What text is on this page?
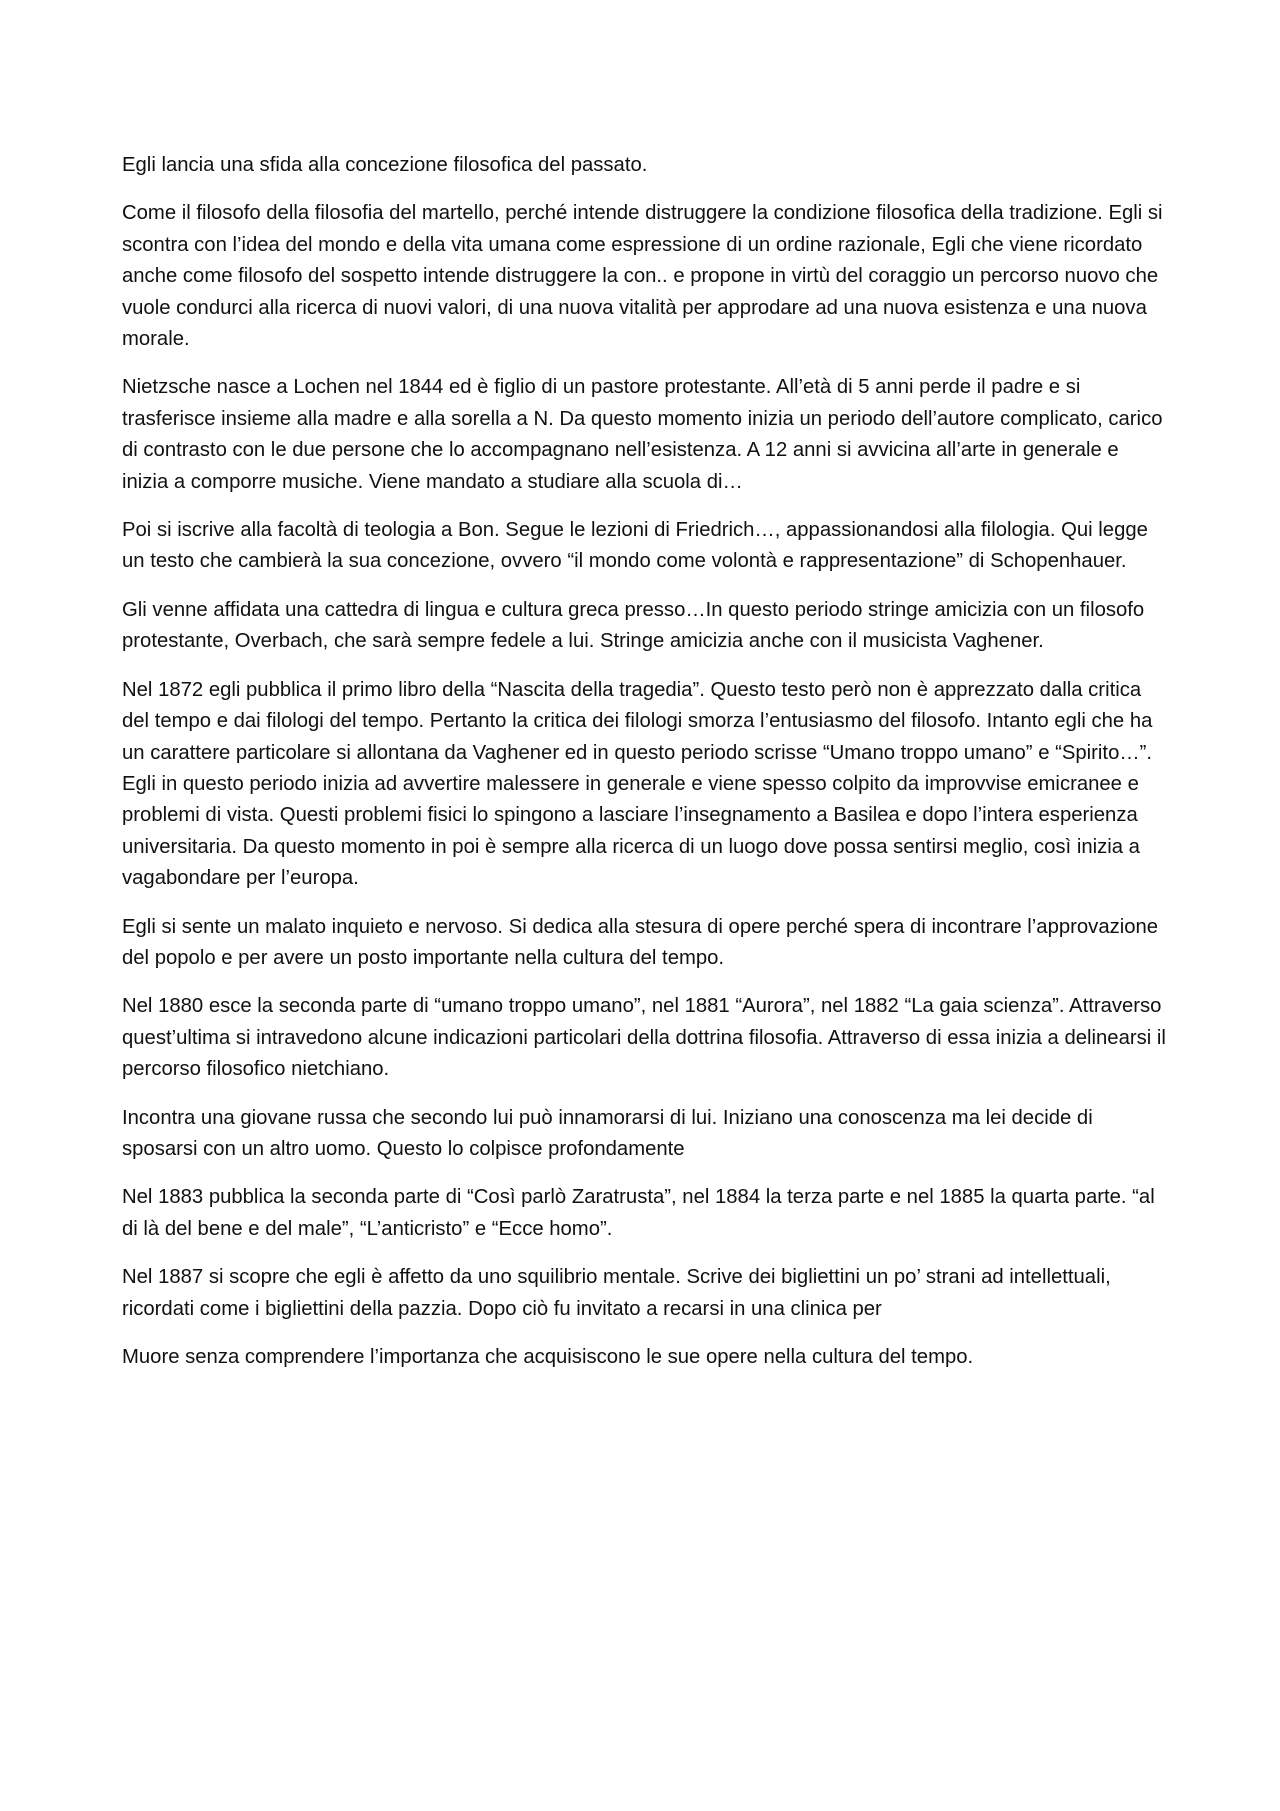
Egli lancia una sfida alla concezione filosofica del passato.

Come il filosofo della filosofia del martello, perché intende distruggere la condizione filosofica della tradizione. Egli si scontra con l’idea del mondo e della vita umana come espressione di un ordine razionale, Egli che viene ricordato anche come filosofo del sospetto intende distruggere la con.. e propone in virtù del coraggio un percorso nuovo che vuole condurci alla ricerca di nuovi valori, di una nuova vitalità per approdare ad una nuova esistenza e una nuova morale.

Nietzsche nasce a Lochen nel 1844 ed è figlio di un pastore protestante. All’età di 5 anni perde il padre e si trasferisce insieme alla madre e alla sorella a N. Da questo momento inizia un periodo dell’autore complicato, carico di contrasto con le due persone che lo accompagnano nell’esistenza. A 12 anni si avvicina all’arte in generale e inizia a comporre musiche. Viene mandato a studiare alla scuola di…

Poi si iscrive alla facoltà di teologia a Bon. Segue le lezioni di Friedrich…, appassionandosi alla filologia. Qui legge un testo che cambierà la sua concezione, ovvero “il mondo come volontà e rappresentazione” di Schopenhauer.

Gli venne affidata una cattedra di lingua e cultura greca presso…In questo periodo stringe amicizia con un filosofo protestante, Overbach, che sarà sempre fedele a lui. Stringe amicizia anche con il musicista Vaghener.

Nel 1872 egli pubblica il primo libro della “Nascita della tragedia”. Questo testo però non è apprezzato dalla critica del tempo e dai filologi del tempo. Pertanto la critica dei filologi smorza l’entusiasmo del filosofo. Intanto egli che ha un carattere particolare si allontana da Vaghener ed in questo periodo scrisse “Umano troppo umano” e “Spirito…”. Egli in questo periodo inizia ad avvertire malessere in generale e viene spesso colpito da improvvise emicranee e problemi di vista. Questi problemi fisici lo spingono a lasciare l’insegnamento a Basilea e dopo l’intera esperienza universitaria. Da questo momento in poi è sempre alla ricerca di un luogo dove possa sentirsi meglio, così inizia a vagabondare per l’europa.

Egli si sente un malato inquieto e nervoso. Si dedica alla stesura di opere perché spera di incontrare l’approvazione del popolo e per avere un posto importante nella cultura del tempo.

Nel 1880 esce la seconda parte di “umano troppo umano”, nel 1881 “Aurora”, nel 1882 “La gaia scienza”. Attraverso quest’ultima si intravedono alcune indicazioni particolari della dottrina filosofia. Attraverso di essa inizia a delinearsi il percorso filosofico nietchiano.

Incontra una giovane russa che secondo lui può innamorarsi di lui. Iniziano una conoscenza ma lei decide di sposarsi con un altro uomo. Questo lo colpisce profondamente

Nel 1883 pubblica la seconda parte di “Così parlò Zaratrusta”, nel 1884 la terza parte e nel 1885 la quarta parte. “al di là del bene e del male”, “L’anticristo” e “Ecce homo”.

Nel 1887 si scopre che egli è affetto da uno squilibrio mentale. Scrive dei bigliettini un po’ strani ad intellettuali, ricordati come i bigliettini della pazzia. Dopo ciò fu invitato a recarsi in una clinica per

Muore senza comprendere l’importanza che acquisiscono le sue opere nella cultura del tempo.
